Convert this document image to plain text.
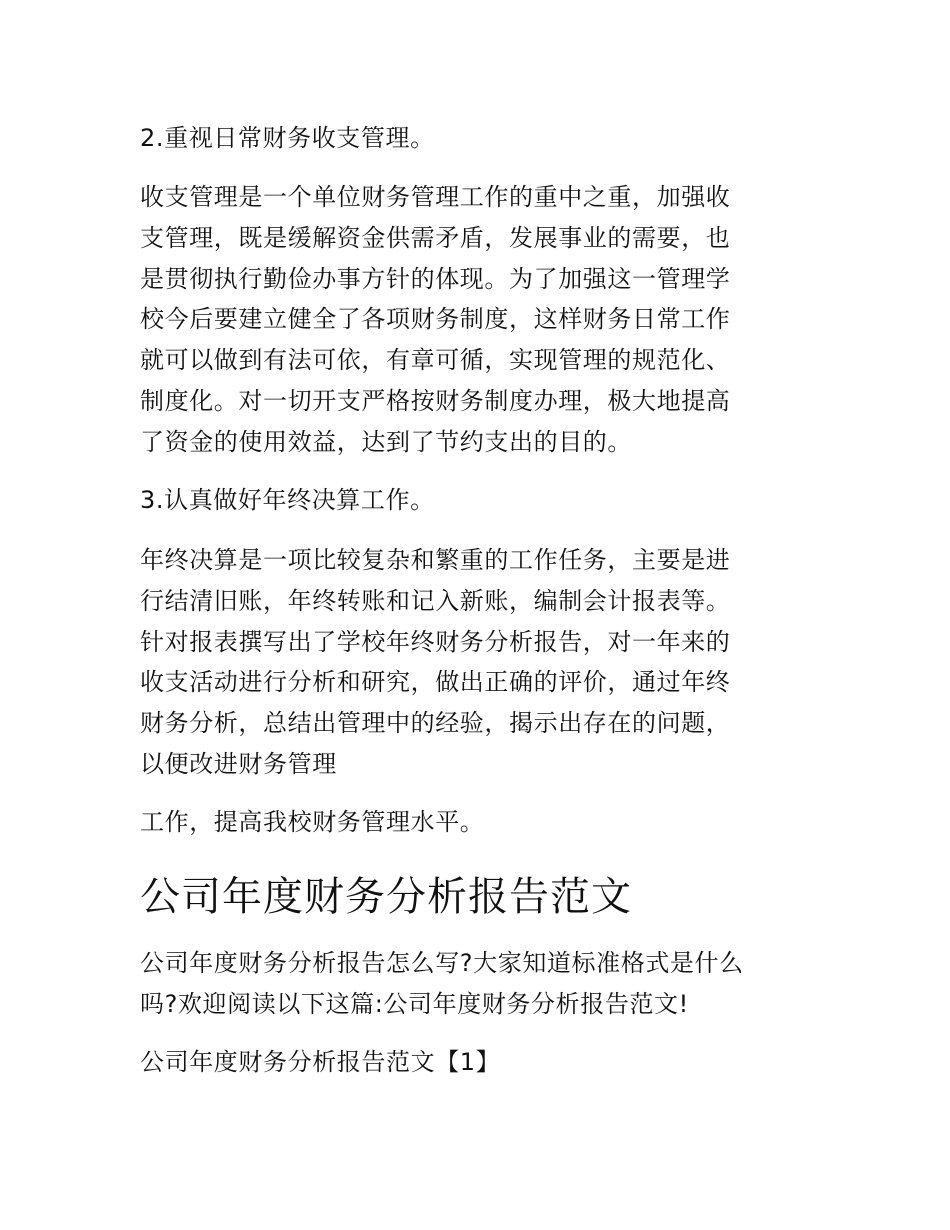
2.重视日常财务收支管理。

收支管理是一个单位财务管理工作的重中之重，加强收
支管理，既是缓解资金供需矛盾，发展事业的需要，也
是贯彻执行勤俭办事方针的体现。为了加强这一管理学
校今后要建立健全了各项财务制度，这样财务日常工作
就可以做到有法可依，有章可循，实现管理的规范化、
制度化。对一切开支严格按财务制度办理，极大地提高
了资金的使用效益，达到了节约支出的目的。

3.认真做好年终决算工作。

年终决算是一项比较复杂和繁重的工作任务，主要是进
行结清旧账，年终转账和记入新账，编制会计报表等。
针对报表撰写出了学校年终财务分析报告，对一年来的
收支活动进行分析和研究，做出正确的评价，通过年终
财务分析，总结出管理中的经验，揭示出存在的问题，
以便改进财务管理

工作，提高我校财务管理水平。

公司年度财务分析报告范文

公司年度财务分析报告怎么写?大家知道标准格式是什么
吗?欢迎阅读以下这篇:公司年度财务分析报告范文!

公司年度财务分析报告范文【1】
